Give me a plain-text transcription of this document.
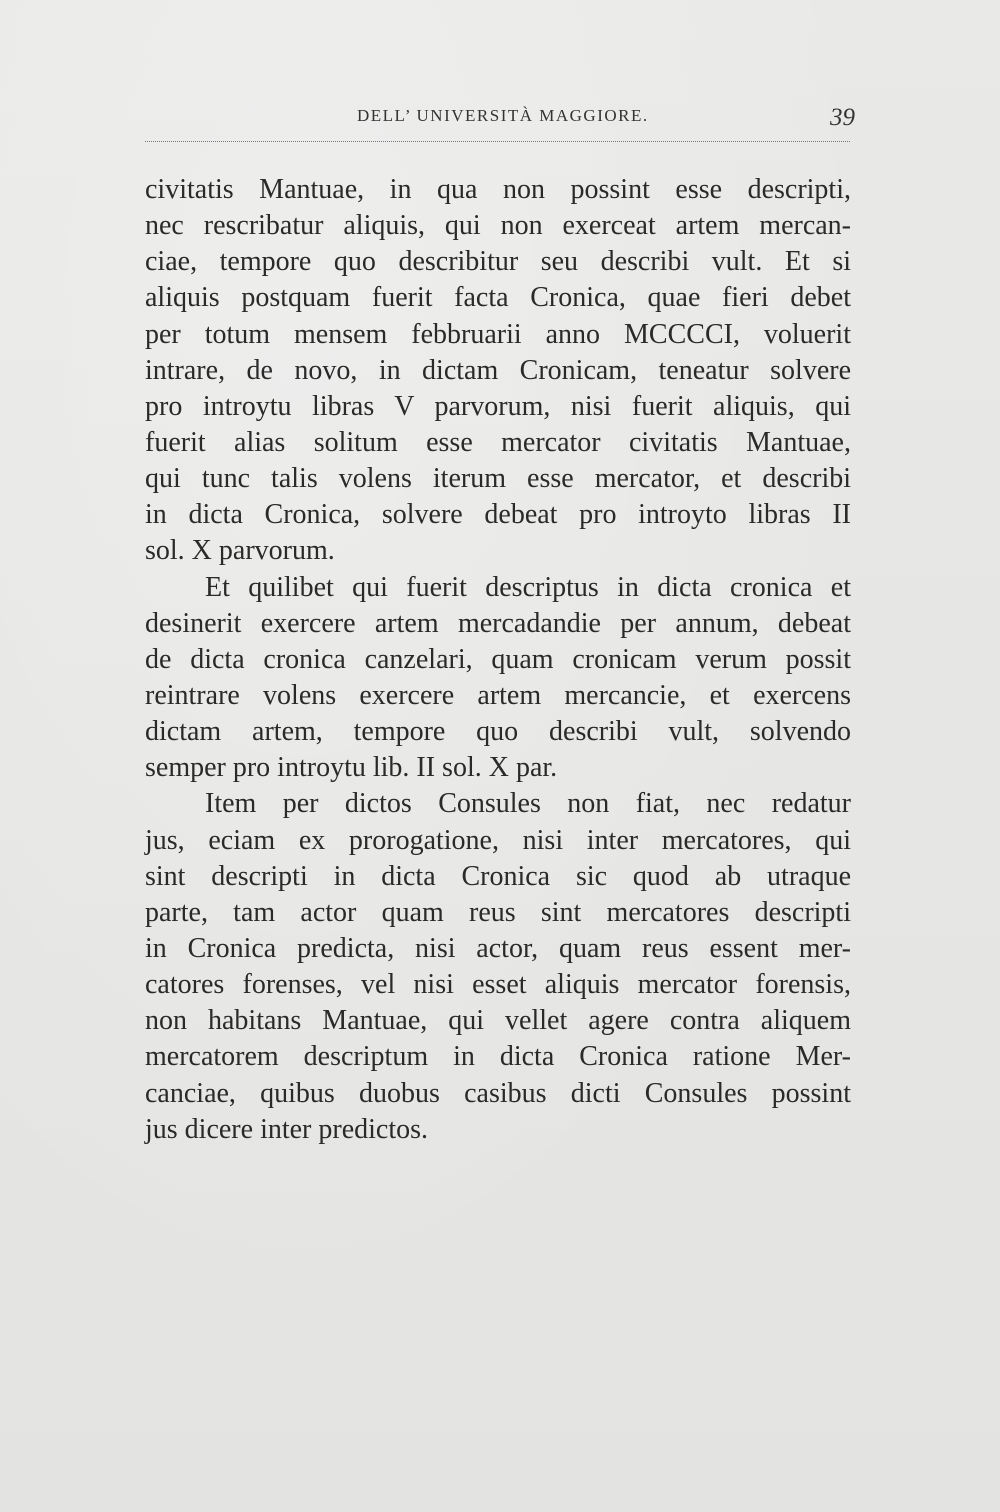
DELL’ UNIVERSITÀ MAGGIORE.	39
civitatis Mantuae, in qua non possint esse descripti,
nec rescribatur aliquis, qui non exerceat artem mercan-
ciae, tempore quo describitur seu describi vult. Et si
aliquis postquam fuerit facta Cronica, quae fieri debet
per totum mensem febbruarii anno MCCCCI, voluerit
intrare, de novo, in dictam Cronicam, teneatur solvere
pro introytu libras V parvorum, nisi fuerit aliquis, qui
fuerit alias solitum esse mercator civitatis Mantuae,
qui tunc talis volens iterum esse mercator, et describi
in dicta Cronica, solvere debeat pro introyto libras II
sol. X parvorum.
Et quilibet qui fuerit descriptus in dicta cronica et
desinerit exercere artem mercadandie per annum, debeat
de dicta cronica canzelari, quam cronicam verum possit
reintrare volens exercere artem mercancie, et exercens
dictam artem, tempore quo describi vult, solvendo
semper pro introytu lib. II sol. X par.
Item per dictos Consules non fiat, nec redatur
jus, eciam ex prorogatione, nisi inter mercatores, qui
sint descripti in dicta Cronica sic quod ab utraque
parte, tam actor quam reus sint mercatores descripti
in Cronica predicta, nisi actor, quam reus essent mer-
catores forenses, vel nisi esset aliquis mercator forensis,
non habitans Mantuae, qui vellet agere contra aliquem
mercatorem descriptum in dicta Cronica ratione Mer-
canciae, quibus duobus casibus dicti Consules possint
jus dicere inter predictos.
